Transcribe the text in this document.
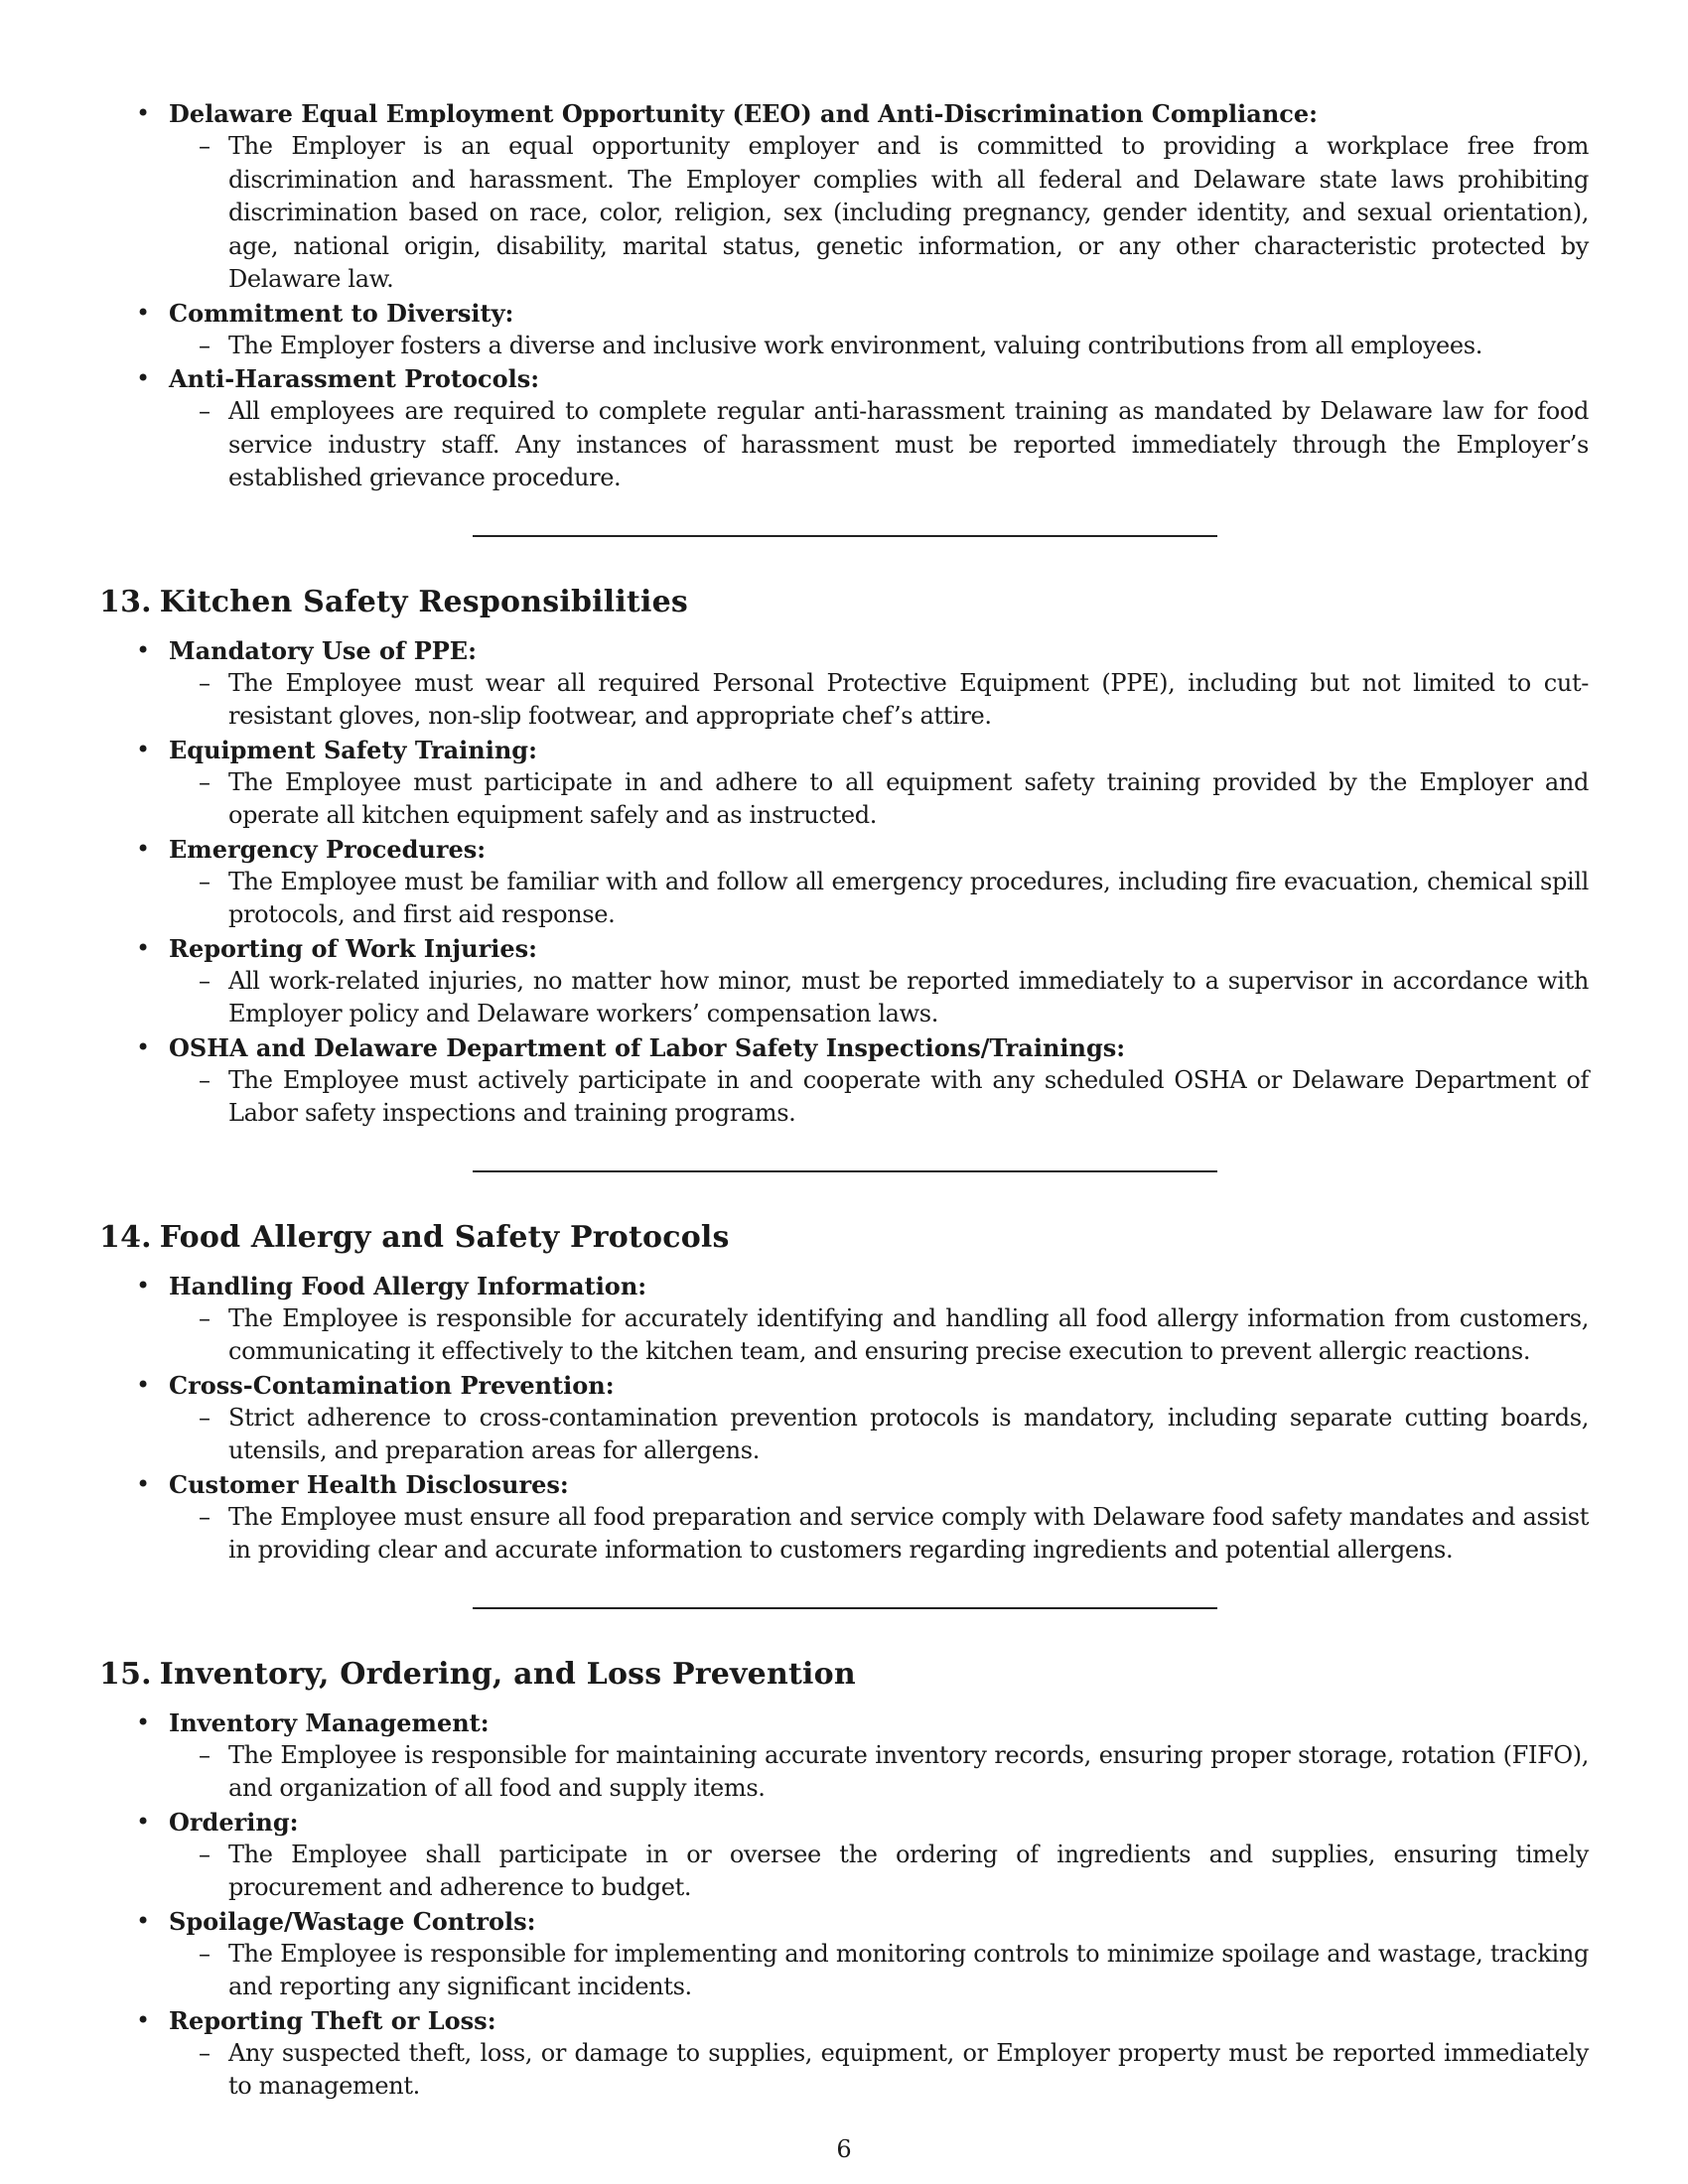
• Delaware Equal Employment Opportunity (EEO) and Anti-Discrimination Compliance:
– The Employer is an equal opportunity employer and is committed to providing a workplace free from discrimination and harassment. The Employer complies with all federal and Delaware state laws prohibiting discrimination based on race, color, religion, sex (including pregnancy, gender identity, and sexual orientation), age, national origin, disability, marital status, genetic information, or any other characteristic protected by Delaware law.
• Commitment to Diversity:
– The Employer fosters a diverse and inclusive work environment, valuing contributions from all employees.
• Anti-Harassment Protocols:
– All employees are required to complete regular anti-harassment training as mandated by Delaware law for food service industry staff. Any instances of harassment must be reported immediately through the Employer’s established grievance procedure.
13. Kitchen Safety Responsibilities
• Mandatory Use of PPE:
– The Employee must wear all required Personal Protective Equipment (PPE), including but not limited to cut-resistant gloves, non-slip footwear, and appropriate chef’s attire.
• Equipment Safety Training:
– The Employee must participate in and adhere to all equipment safety training provided by the Employer and operate all kitchen equipment safely and as instructed.
• Emergency Procedures:
– The Employee must be familiar with and follow all emergency procedures, including fire evacuation, chemical spill protocols, and first aid response.
• Reporting of Work Injuries:
– All work-related injuries, no matter how minor, must be reported immediately to a supervisor in accordance with Employer policy and Delaware workers’ compensation laws.
• OSHA and Delaware Department of Labor Safety Inspections/Trainings:
– The Employee must actively participate in and cooperate with any scheduled OSHA or Delaware Department of Labor safety inspections and training programs.
14. Food Allergy and Safety Protocols
• Handling Food Allergy Information:
– The Employee is responsible for accurately identifying and handling all food allergy information from customers, communicating it effectively to the kitchen team, and ensuring precise execution to prevent allergic reactions.
• Cross-Contamination Prevention:
– Strict adherence to cross-contamination prevention protocols is mandatory, including separate cutting boards, utensils, and preparation areas for allergens.
• Customer Health Disclosures:
– The Employee must ensure all food preparation and service comply with Delaware food safety mandates and assist in providing clear and accurate information to customers regarding ingredients and potential allergens.
15. Inventory, Ordering, and Loss Prevention
• Inventory Management:
– The Employee is responsible for maintaining accurate inventory records, ensuring proper storage, rotation (FIFO), and organization of all food and supply items.
• Ordering:
– The Employee shall participate in or oversee the ordering of ingredients and supplies, ensuring timely procurement and adherence to budget.
• Spoilage/Wastage Controls:
– The Employee is responsible for implementing and monitoring controls to minimize spoilage and wastage, tracking and reporting any significant incidents.
• Reporting Theft or Loss:
– Any suspected theft, loss, or damage to supplies, equipment, or Employer property must be reported immediately to management.
6
